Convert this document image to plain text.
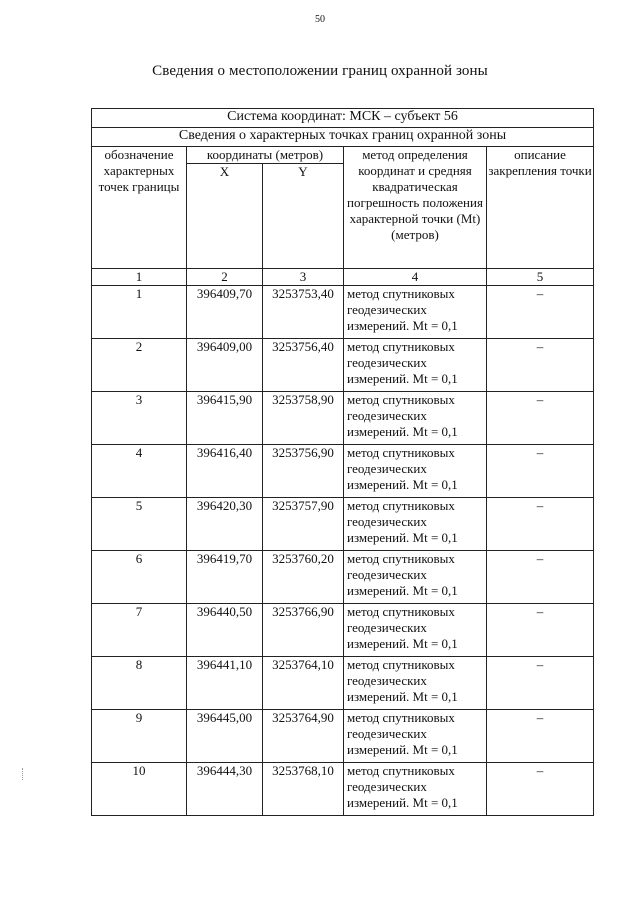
50
Сведения о местоположении границ охранной зоны
Система координат: МСК – субъект 56				
Сведения о характерных точках границ охранной зоны				
обозначение характерных точек границы	координаты (метров)		метод определения координат и средняя квадратическая погрешность положения характерной точки (Mt) (метров)	описание закрепления точки
	X	Y		
1	2	3	4	5
1	396409,70	3253753,40	метод спутниковых геодезических измерений. Mt = 0,1	–
2	396409,00	3253756,40	метод спутниковых геодезических измерений. Mt = 0,1	–
3	396415,90	3253758,90	метод спутниковых геодезических измерений. Mt = 0,1	–
4	396416,40	3253756,90	метод спутниковых геодезических измерений. Mt = 0,1	–
5	396420,30	3253757,90	метод спутниковых геодезических измерений. Mt = 0,1	–
6	396419,70	3253760,20	метод спутниковых геодезических измерений. Mt = 0,1	–
7	396440,50	3253766,90	метод спутниковых геодезических измерений. Mt = 0,1	–
8	396441,10	3253764,10	метод спутниковых геодезических измерений. Mt = 0,1	–
9	396445,00	3253764,90	метод спутниковых геодезических измерений. Mt = 0,1	–
10	396444,30	3253768,10	метод спутниковых геодезических измерений. Mt = 0,1	–
